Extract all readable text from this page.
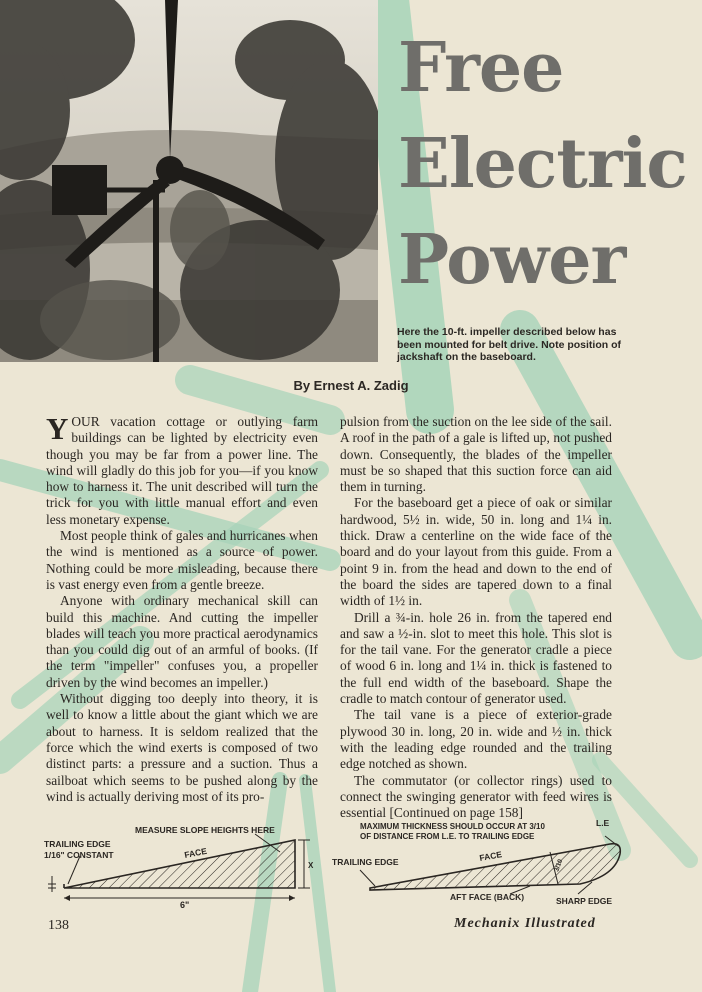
Free
Electric
Power
Here the 10-ft. impeller described below has been mounted for belt drive. Note position of jackshaft on the baseboard.
By Ernest A. Zadig

YOUR vacation cottage or outlying farm buildings can be lighted by electricity even though you may be far from a power line. The wind will gladly do this job for you—if you know how to harness it. The unit described will turn the trick for you with little manual effort and even less monetary expense.

Most people think of gales and hurricanes when the wind is mentioned as a source of power. Nothing could be more misleading, because there is vast energy even from a gentle breeze.

Anyone with ordinary mechanical skill can build this machine. And cutting the impeller blades will teach you more practical aerodynamics than you could dig out of an armful of books. (If the term "impeller" confuses you, a propeller driven by the wind becomes an impeller.)

Without digging too deeply into theory, it is well to know a little about the giant which we are about to harness. It is seldom realized that the force which the wind exerts is composed of two distinct parts: a pressure and a suction. Thus a sailboat which seems to be pushed along by the wind is actually deriving most of its pro-

pulsion from the suction on the lee side of the sail. A roof in the path of a gale is lifted up, not pushed down. Consequently, the blades of the impeller must be so shaped that this suction force can aid them in turning.

For the baseboard get a piece of oak or similar hardwood, 5½ in. wide, 50 in. long and 1¼ in. thick. Draw a centerline on the wide face of the board and do your layout from this guide. From a point 9 in. from the head and down to the end of the board the sides are tapered down to a final width of 1½ in.

Drill a ¾-in. hole 26 in. from the tapered end and saw a ½-in. slot to meet this hole. This slot is for the tail vane. For the generator cradle a piece of wood 6 in. long and 1¼ in. thick is fastened to the full end width of the baseboard. Shape the cradle to match contour of generator used.

The tail vane is a piece of exterior-grade plywood 30 in. long, 20 in. wide and ½ in. thick with the leading edge rounded and the trailing edge notched as shown.

The commutator (or collector rings) used to connect the swinging generator with feed wires is essential [Continued on page 158]

MEASURE SLOPE HEIGHTS HERE
TRAILING EDGE
1/16" CONSTANT	FACE
6"
X
MAXIMUM THICKNESS SHOULD OCCUR AT 3/10
OF DISTANCE FROM L.E. TO TRAILING EDGE
L.E
TRAILING EDGE	FACE
3/10
AFT FACE (BACK)	SHARP EDGE
138	Mechanix Illustrated
